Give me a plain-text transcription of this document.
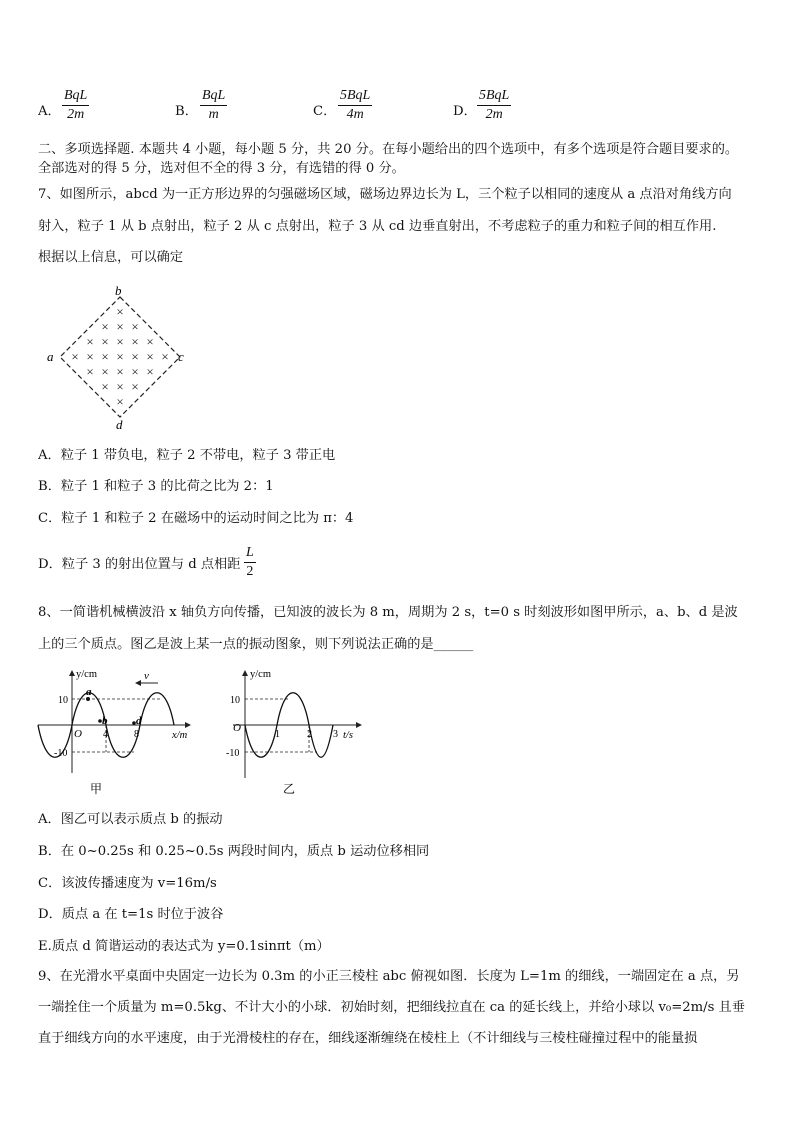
A．
BqL
2m	B．
BqL
m	C．
5BqL
4m	D．
5BqL
2m
二、多项选择题. 本题共 4 小题，每小题 5 分，共 20 分。在每小题给出的四个选项中，有多个选项是符合题目要求的。
全部选对的得 5 分，选对但不全的得 3 分，有选错的得 0 分。
7、如图所示，abcd 为一正方形边界的匀强磁场区域，磁场边界边长为 L，三个粒子以相同的速度从 a 点沿对角线方向
射入，粒子 1 从 b 点射出，粒子 2 从 c 点射出，粒子 3 从 cd 边垂直射出，不考虑粒子的重力和粒子间的相互作用.
根据以上信息，可以确定
×
× × ×
× × × × ×
× × × × × × ×
× × × × ×
× × ×
×
a
b
c
d
A．粒子 1 带负电，粒子 2 不带电，粒子 3 带正电
B．粒子 1 和粒子 3 的比荷之比为 2：1
C．粒子 1 和粒子 2 在磁场中的运动时间之比为 π：4
D．粒子 3 的射出位置与 d 点相距 $\frac{L}{2}$
8、一简谐机械横波沿 x 轴负方向传播，已知波的波长为 8 m，周期为 2 s，t=0 s 时刻波形如图甲所示，a、b、d 是波
上的三个质点。图乙是波上某一点的振动图象，则下列说法正确的是______
y/cm
x/m
O
10
-10
4	8
a
b	d
v
甲
y/cm
t/s
O
10
-10
1	2 3
乙
A．图乙可以表示质点 b 的振动
B．在 0~0.25s 和 0.25~0.5s 两段时间内，质点 b 运动位移相同
C．该波传播速度为 v=16m/s
D．质点 a 在 t=1s 时位于波谷
E.质点 d 简谐运动的表达式为 y=0.1sinπt（m）
9、在光滑水平桌面中央固定一边长为 0.3m 的小正三棱柱 abc 俯视如图．长度为 L=1m 的细线，一端固定在 a 点，另
一端拴住一个质量为 m=0.5kg、不计大小的小球．初始时刻，把细线拉直在 ca 的延长线上，并给小球以 v₀=2m/s 且垂
直于细线方向的水平速度，由于光滑棱柱的存在，细线逐渐缠绕在棱柱上（不计细线与三棱柱碰撞过程中的能量损
